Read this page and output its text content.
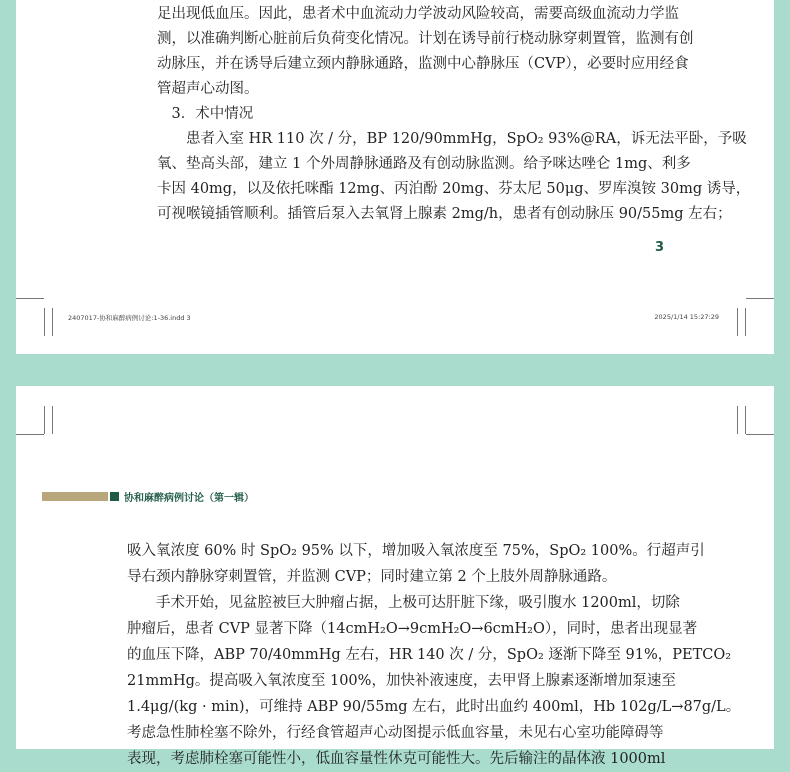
足出现低血压。因此，患者术中血流动力学波动风险较高，需要高级血流动力学监

测，以准确判断心脏前后负荷变化情况。计划在诱导前行桡动脉穿刺置管，监测有创

动脉压，并在诱导后建立颈内静脉通路，监测中心静脉压（CVP），必要时应用经食

管超声心动图。

　3．术中情况

　　患者入室 HR 110 次 / 分，BP 120/90mmHg，SpO₂ 93%@RA，诉无法平卧，予吸

氧、垫高头部，建立 1 个外周静脉通路及有创动脉监测。给予咪达唑仑 1mg、利多

卡因 40mg，以及依托咪酯 12mg、丙泊酚 20mg、芬太尼 50μg、罗库溴铵 30mg 诱导，

可视喉镜插管顺利。插管后泵入去氧肾上腺素 2mg/h，患者有创动脉压 90/55mg 左右；

3
2407017-协和麻醉病例讨论:1-36.indd 3	2025/1/14 15:27:29
协和麻醉病例讨论（第一辑）

吸入氧浓度 60% 时 SpO₂ 95% 以下，增加吸入氧浓度至 75%，SpO₂ 100%。行超声引

导右颈内静脉穿刺置管，并监测 CVP；同时建立第 2 个上肢外周静脉通路。

　　手术开始，见盆腔被巨大肿瘤占据，上极可达肝脏下缘，吸引腹水 1200ml，切除

肿瘤后，患者 CVP 显著下降（14cmH₂O→9cmH₂O→6cmH₂O），同时，患者出现显著

的血压下降，ABP 70/40mmHg 左右，HR 140 次 / 分，SpO₂ 逐渐下降至 91%，PETCO₂

21mmHg。提高吸入氧浓度至 100%，加快补液速度，去甲肾上腺素逐渐增加泵速至

1.4μg/(kg · min)，可维持 ABP 90/55mg 左右，此时出血约 400ml，Hb 102g/L→87g/L。

考虑急性肺栓塞不除外，行经食管超声心动图提示低血容量，未见右心室功能障碍等

表现，考虑肺栓塞可能性小，低血容量性休克可能性大。先后输注的晶体液 1000ml
